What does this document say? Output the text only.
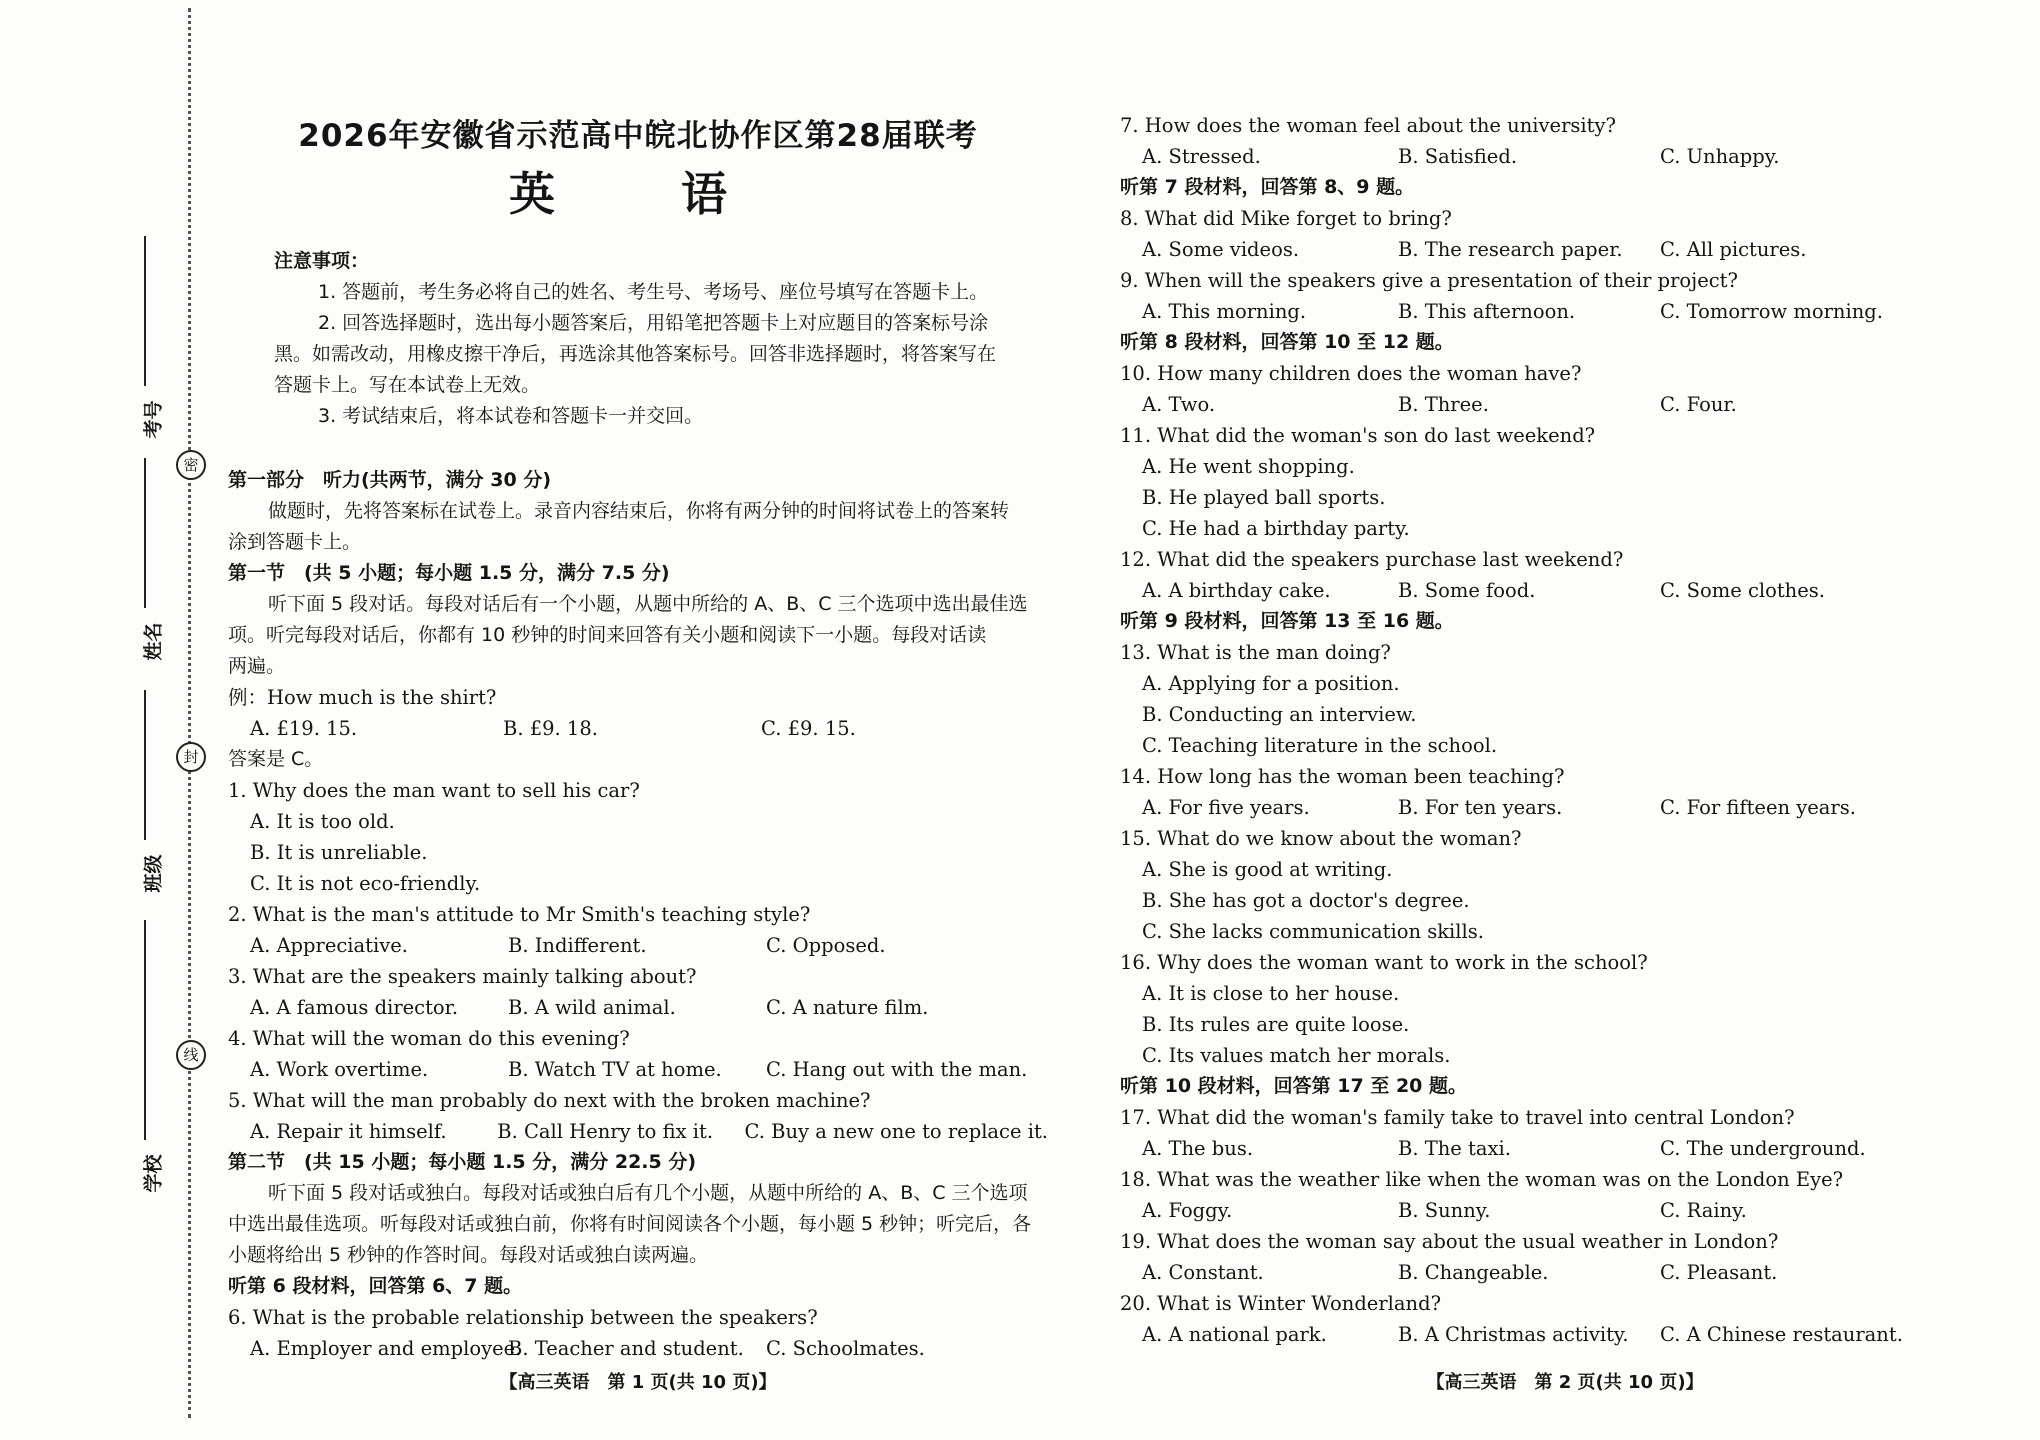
密
封
线
考号
姓名
班级
学校
2026年安徽省示范高中皖北协作区第28届联考
英　语
注意事项：
1. 答题前，考生务必将自己的姓名、考生号、考场号、座位号填写在答题卡上。
2. 回答选择题时，选出每小题答案后，用铅笔把答题卡上对应题目的答案标号涂
黑。如需改动，用橡皮擦干净后，再选涂其他答案标号。回答非选择题时，将答案写在
答题卡上。写在本试卷上无效。
3. 考试结束后，将本试卷和答题卡一并交回。
第一部分　听力(共两节，满分 30 分)
做题时，先将答案标在试卷上。录音内容结束后，你将有两分钟的时间将试卷上的答案转
涂到答题卡上。
第一节　(共 5 小题；每小题 1.5 分，满分 7.5 分)
听下面 5 段对话。每段对话后有一个小题，从题中所给的 A、B、C 三个选项中选出最佳选
项。听完每段对话后，你都有 10 秒钟的时间来回答有关小题和阅读下一小题。每段对话读
两遍。
例：How much is the shirt?
A. £19. 15.	B. £9. 18.	C. £9. 15.
答案是 C。
1. Why does the man want to sell his car?
A. It is too old.
B. It is unreliable.
C. It is not eco-friendly.
2. What is the man's attitude to Mr Smith's teaching style?
A. Appreciative.	B. Indifferent.	C. Opposed.
3. What are the speakers mainly talking about?
A. A famous director.	B. A wild animal.	C. A nature film.
4. What will the woman do this evening?
A. Work overtime.	B. Watch TV at home.	C. Hang out with the man.
5. What will the man probably do next with the broken machine?
A. Repair it himself.	B. Call Henry to fix it.	C. Buy a new one to replace it.
第二节　(共 15 小题；每小题 1.5 分，满分 22.5 分)
听下面 5 段对话或独白。每段对话或独白后有几个小题，从题中所给的 A、B、C 三个选项
中选出最佳选项。听每段对话或独白前，你将有时间阅读各个小题，每小题 5 秒钟；听完后，各
小题将给出 5 秒钟的作答时间。每段对话或独白读两遍。
听第 6 段材料，回答第 6、7 题。
6. What is the probable relationship between the speakers?
A. Employer and employee.
B. Teacher and student.	C. Schoolmates.
【高三英语　第 1 页(共 10 页)】
7. How does the woman feel about the university?
A. Stressed.	B. Satisfied.	C. Unhappy.
听第 7 段材料，回答第 8、9 题。
8. What did Mike forget to bring?
A. Some videos.	B. The research paper.	C. All pictures.
9. When will the speakers give a presentation of their project?
A. This morning.	B. This afternoon.	C. Tomorrow morning.
听第 8 段材料，回答第 10 至 12 题。
10. How many children does the woman have?
A. Two.	B. Three.	C. Four.
11. What did the woman's son do last weekend?
A. He went shopping.
B. He played ball sports.
C. He had a birthday party.
12. What did the speakers purchase last weekend?
A. A birthday cake.	B. Some food.	C. Some clothes.
听第 9 段材料，回答第 13 至 16 题。
13. What is the man doing?
A. Applying for a position.
B. Conducting an interview.
C. Teaching literature in the school.
14. How long has the woman been teaching?
A. For five years.	B. For ten years.	C. For fifteen years.
15. What do we know about the woman?
A. She is good at writing.
B. She has got a doctor's degree.
C. She lacks communication skills.
16. Why does the woman want to work in the school?
A. It is close to her house.
B. Its rules are quite loose.
C. Its values match her morals.
听第 10 段材料，回答第 17 至 20 题。
17. What did the woman's family take to travel into central London?
A. The bus.	B. The taxi.	C. The underground.
18. What was the weather like when the woman was on the London Eye?
A. Foggy.	B. Sunny.	C. Rainy.
19. What does the woman say about the usual weather in London?
A. Constant.	B. Changeable.	C. Pleasant.
20. What is Winter Wonderland?
A. A national park.	B. A Christmas activity.	C. A Chinese restaurant.
【高三英语　第 2 页(共 10 页)】
